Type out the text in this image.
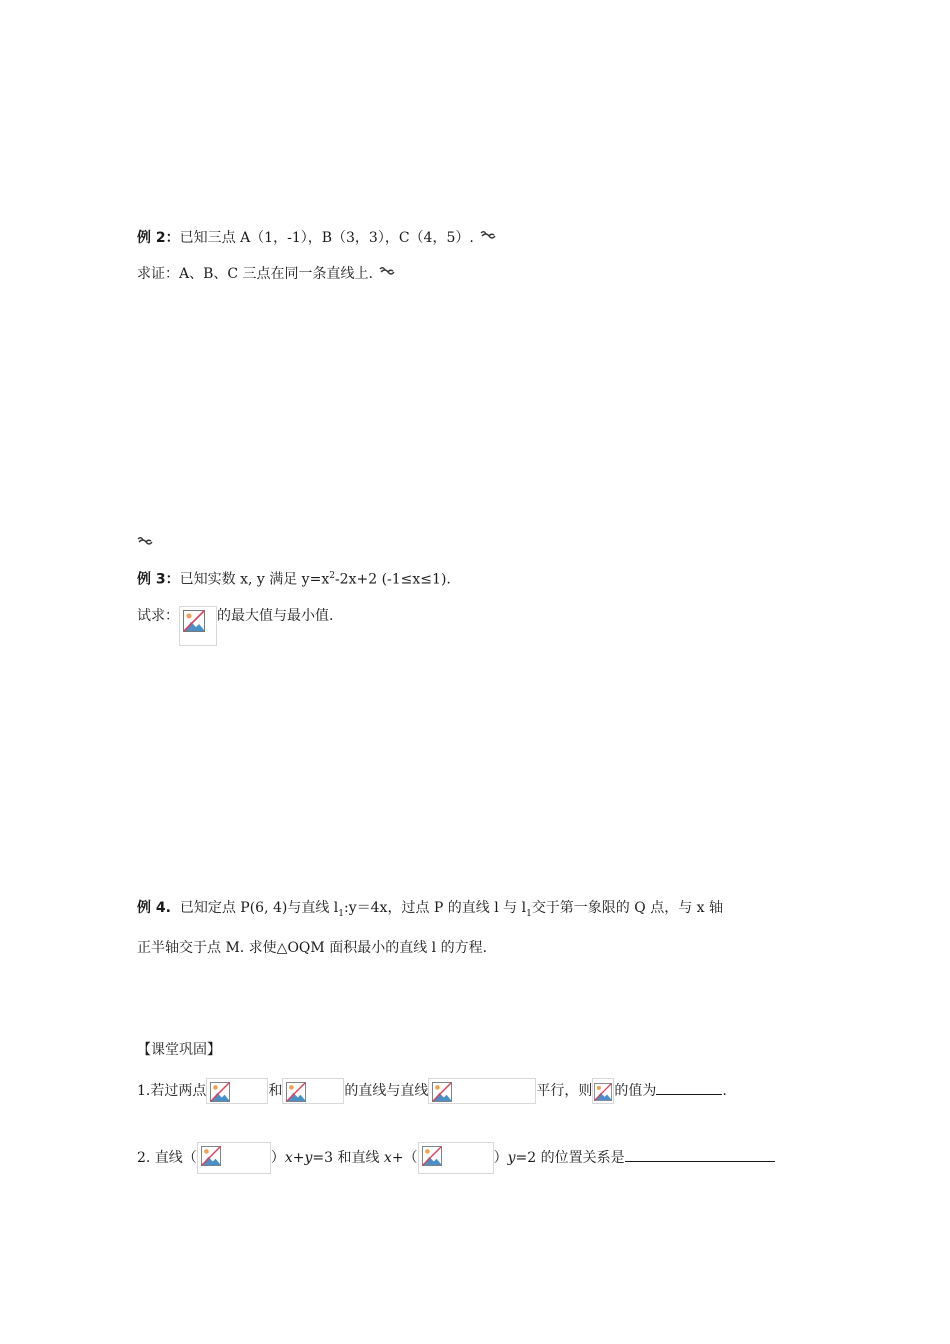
例 2：已知三点 A（1，-1），B（3，3），C（4，5）.
求证：A、B、C 三点在同一条直线上.
例 3：已知实数 x, y 满足 $y=x^2-2x+2$ (-1≤x≤1).
试求：	的最大值与最小值.
例 4. 已知定点 P(6, 4)与直线 $l_1:y=4x$，过点 P 的直线 l 与 $l_1$交于第一象限的 Q 点，与 x 轴
正半轴交于点 M. 求使△OQM 面积最小的直线 l 的方程.
【课堂巩固】
1.若过两点	和	的直线与直线	平行，则 的值为	.
2. 直线（	）x+y=3 和直线 x+（	）y=2 的位置关系是
